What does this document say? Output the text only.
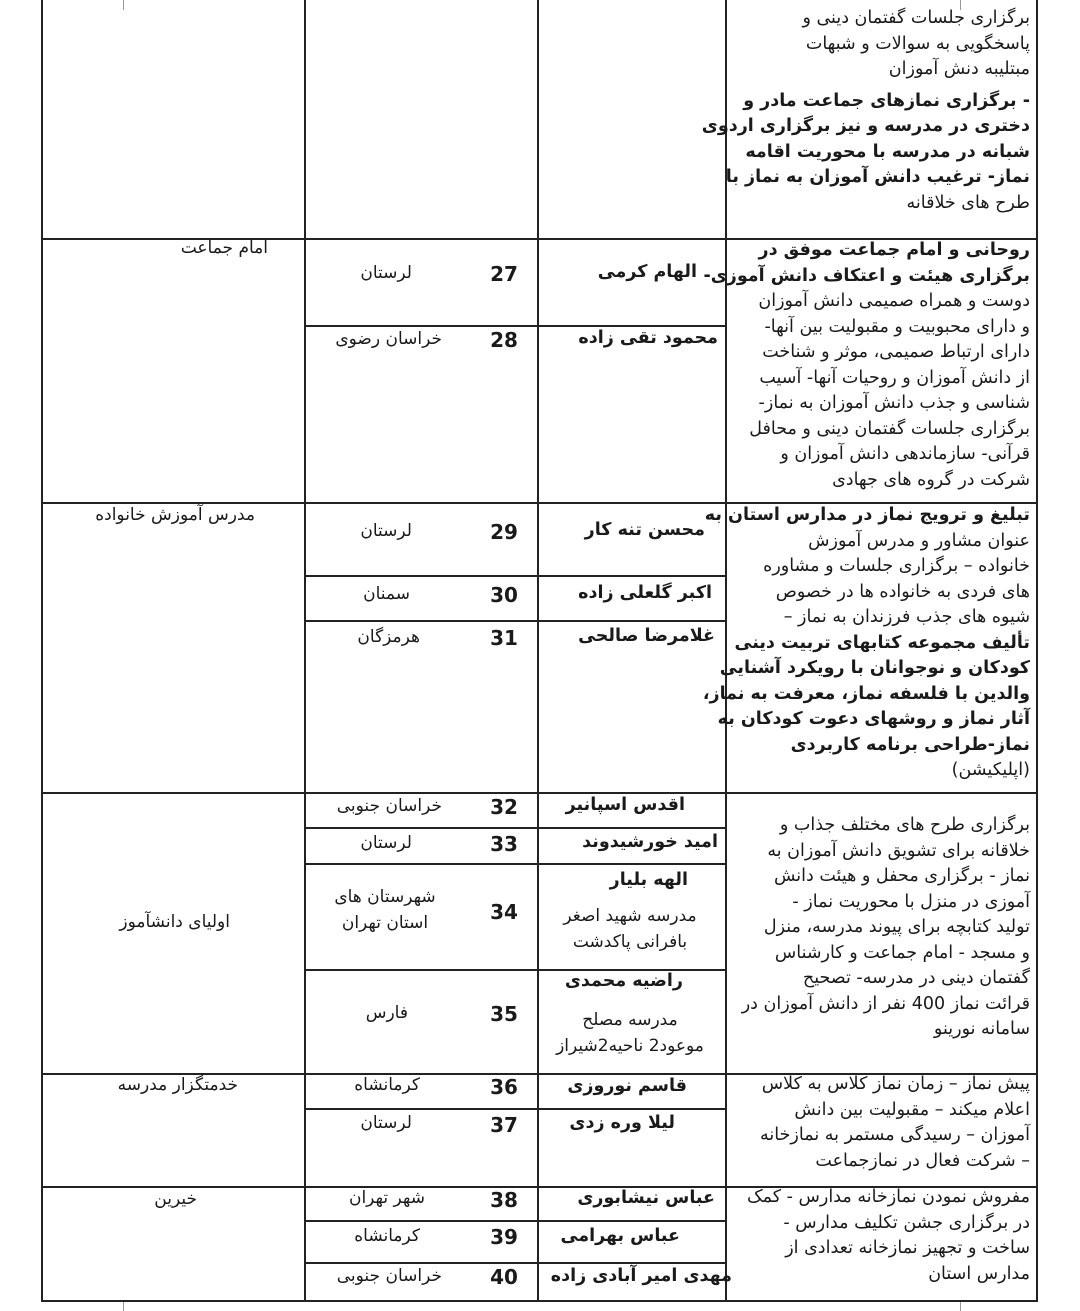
برگزاری جلسات گفتمان دینی و
پاسخگویی به سوالات و شبهات
مبتلیبه دنش آموزان
- برگزاری نمازهای جماعت مادر و
دختری در مدرسه و نیز برگزاری اردوی
شبانه در مدرسه با محوریت اقامه
نماز- ترغیب دانش آموزان به نماز با
طرح های خلاقانه
روحانی و امام جماعت موفق در
برگزاری هیئت و اعتکاف دانش آموزی-
دوست و همراه صمیمی دانش آموزان
و دارای محبوبیت و مقبولیت بین آنها-
دارای ارتباط صمیمی، موثر و شناخت
از دانش آموزان و روحیات آنها- آسیب
شناسی و جذب دانش آموزان به نماز-
برگزاری جلسات گفتمان دینی و محافل
قرآنی- سازماندهی دانش آموزان و
شرکت در گروه های جهادی
تبلیغ و ترویج نماز در مدارس استان به
عنوان مشاور و مدرس آموزش
خانواده – برگزاری جلسات و مشاوره
های فردی به خانواده ها در خصوص
شیوه های جذب فرزندان به نماز –
تألیف مجموعه کتابهای تربیت دینی
کودکان و نوجوانان با رویکرد آشنایی
والدین با فلسفه نماز، معرفت به نماز،
آثار نماز و روشهای دعوت کودکان به
نماز-طراحی برنامه کاربردی
(اپلیکیشن)
برگزاری طرح های مختلف جذاب و
خلاقانه برای تشویق دانش آموزان به
نماز - برگزاری محفل و هیئت دانش
آموزی در منزل با محوریت نماز -
تولید کتابچه برای پیوند مدرسه، منزل
و مسجد - امام جماعت و کارشناس
گفتمان دینی در مدرسه- تصحیح
قرائت نماز 400 نفر از دانش آموزان در
سامانه نورینو
پیش نماز – زمان نماز کلاس به کلاس
اعلام میکند – مقبولیت بین دانش
آموزان – رسیدگی مستمر به نمازخانه
– شرکت فعال در نمازجماعت
مفروش نمودن نمازخانه مدارس - کمک
در برگزاری جشن تکلیف مدارس -
ساخت و تجهیز نمازخانه تعدادی از
مدارس استان
امام جماعت
مدرس آموزش خانواده
اولیای دانشآموز
خدمتگزار مدرسه
خیرین
الهام کرمی
27
لرستان
محمود تقی زاده
28
خراسان رضوی
محسن تنه کار
29
لرستان
اکبر گلعلی زاده
30
سمنان
غلامرضا صالحی
31
هرمزگان
اقدس اسپانیر
32
خراسان جنوبی
امید خورشیدوند
33
لرستان
الهه بلیار
مدرسه شهید اصغر
بافرانی پاکدشت
34
شهرستان های
استان تهران
راضیه محمدی
مدرسه مصلح
موعود2 ناحیه2شیراز
35
فارس
قاسم نوروزی
36
کرمانشاه
لیلا وره زدی
37
لرستان
عباس نیشابوری
38
شهر تهران
عباس بهرامی
39
کرمانشاه
مهدی امیر آبادی زاده
40
خراسان جنوبی
